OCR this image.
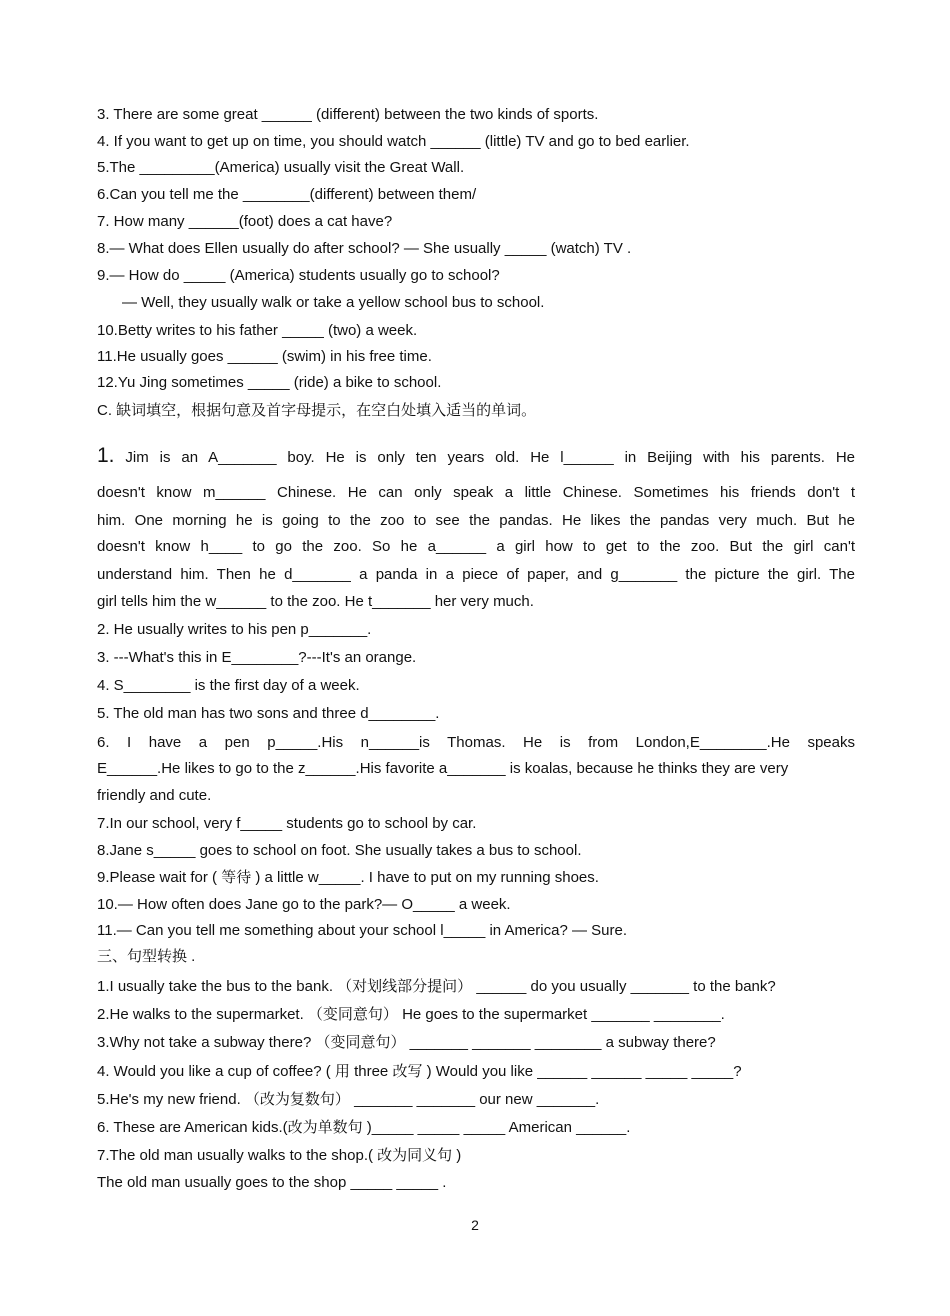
3. There are some great ______ (different) between the two kinds of sports.
4. If you want to get up on time, you should watch ______ (little) TV and go to bed earlier.
5.The _________(America) usually visit the Great Wall.
6.Can you tell me the ________(different) between them/
7. How many ______(foot) does a cat have?
8.— What does Ellen usually do after school? — She usually _____ (watch) TV .
9.— How do _____ (America) students usually go to school?
— Well, they usually walk or take a yellow school bus to school.
10.Betty writes to his father _____ (two) a week.
11.He usually goes ______ (swim) in his free time.
12.Yu Jing sometimes _____ (ride) a bike to school.
C. 缺词填空，根据句意及首字母提示，在空白处填入适当的单词。
1. Jim is an A_______ boy. He is only ten years old. He l______ in Beijing with his parents. He
doesn't know m______ Chinese. He can only speak a little Chinese. Sometimes his friends don't t
him. One morning he is going to the zoo to see the pandas. He likes the pandas very much. But he
doesn't know h____ to go the zoo. So he a______ a girl how to get to the zoo. But the girl can't
understand him. Then he d_______ a panda in a piece of paper, and g_______ the picture the girl. The
girl tells him the w______ to the zoo. He t_______ her very much.
2. He usually writes to his pen p_______.
3. ---What's this in E________?---It's an orange.
4. S________ is the first day of a week.
5. The old man has two sons and three d________.
6. I have a pen p_____.His n______is Thomas. He is from London,E________.He speaks
E______.He likes to go to the z______.His favorite a_______ is koalas, because he thinks they are very
friendly and cute.
7.In our school, very f_____ students go to school by car.
8.Jane s_____ goes to school on foot. She usually takes a bus to school.
9.Please wait for ( 等待 ) a little w_____. I have to put on my running shoes.
10.— How often does Jane go to the park?— O_____ a week.
11.— Can you tell me something about your school l_____ in America? — Sure.
三、句型转换 .
1.I usually take the bus to the bank. （对划线部分提问） ______ do you usually _______ to the bank?
2.He walks to the supermarket. （变同意句） He goes to the supermarket _______ ________.
3.Why not take a subway there? （变同意句） _______ _______ ________ a subway there?
4. Would you like a cup of coffee? ( 用 three 改写 ) Would you like ______ ______ _____ _____?
5.He's my new friend. （改为复数句） _______ _______ our new _______.
6. These are American kids.(改为单数句 )_____ _____ _____ American ______.
7.The old man usually walks to the shop.( 改为同义句 )
The old man usually goes to the shop _____ _____ .
2
